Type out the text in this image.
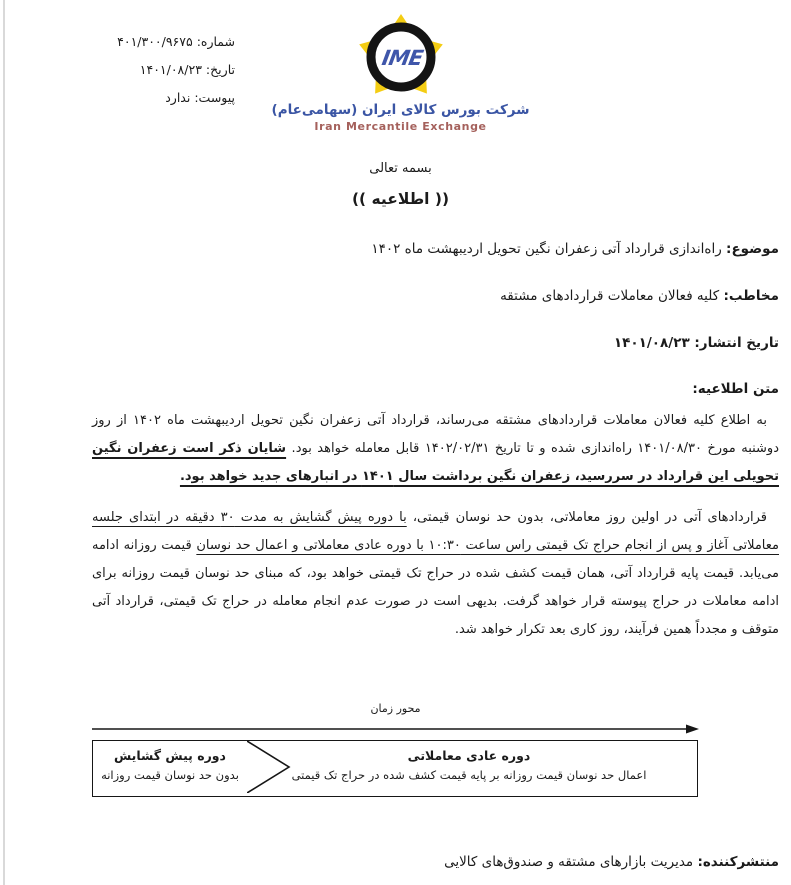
شماره: ۴۰۱/۳۰۰/۹۶۷۵
تاریخ: ۱۴۰۱/۰۸/۲۳
پیوست: ندارد
IME
شرکت بورس کالای ایران (سهامی‌عام)
Iran Mercantile Exchange
بسمه تعالی
(( اطلاعیه ))
موضوع: راه‌اندازی قرارداد آتی زعفران نگین تحویل اردیبهشت ماه ۱۴۰۲
مخاطب: کلیه فعالان معاملات قراردادهای مشتقه
تاریخ انتشار: ۱۴۰۱/۰۸/۲۳
متن اطلاعیه:

به اطلاع کلیه فعالان معاملات قراردادهای مشتقه می‌رساند، قرارداد آتی زعفران نگین تحویل اردیبهشت ماه ۱۴۰۲ از روز دوشنبه مورخ ۱۴۰۱/۰۸/۳۰ راه‌اندازی شده و تا تاریخ ۱۴۰۲/۰۲/۳۱ قابل معامله خواهد بود. شایان ذکر است زعفران نگین تحویلی این قرارداد در سررسید، زعفران نگین برداشت سال ۱۴۰۱ در انبارهای جدید خواهد بود.

قراردادهای آتی در اولین روز معاملاتی، بدون حد نوسان قیمتی، با دوره پیش گشایش به مدت ۳۰ دقیقه در ابتدای جلسه معاملاتی آغاز و پس از انجام حراج تک قیمتی راس ساعت ۱۰:۳۰ با دوره عادی معاملاتی و اعمال حد نوسان قیمت روزانه ادامه می‌یابد. قیمت پایه قرارداد آتی، همان قیمت کشف شده در حراج تک قیمتی خواهد بود، که مبنای حد نوسان قیمت روزانه برای ادامه معاملات در حراج پیوسته قرار خواهد گرفت. بدیهی است در صورت عدم انجام معامله در حراج تک قیمتی، قرارداد آتی متوقف و مجدداً همین فرآیند، روز کاری بعد تکرار خواهد شد.

محور زمان
دوره پیش گشایش
بدون حد نوسان قیمت روزانه
دوره عادی معاملاتی
اعمال حد نوسان قیمت روزانه بر پایه قیمت کشف شده در حراج تک قیمتی
منتشرکننده: مدیریت بازارهای مشتقه و صندوق‌های کالایی
